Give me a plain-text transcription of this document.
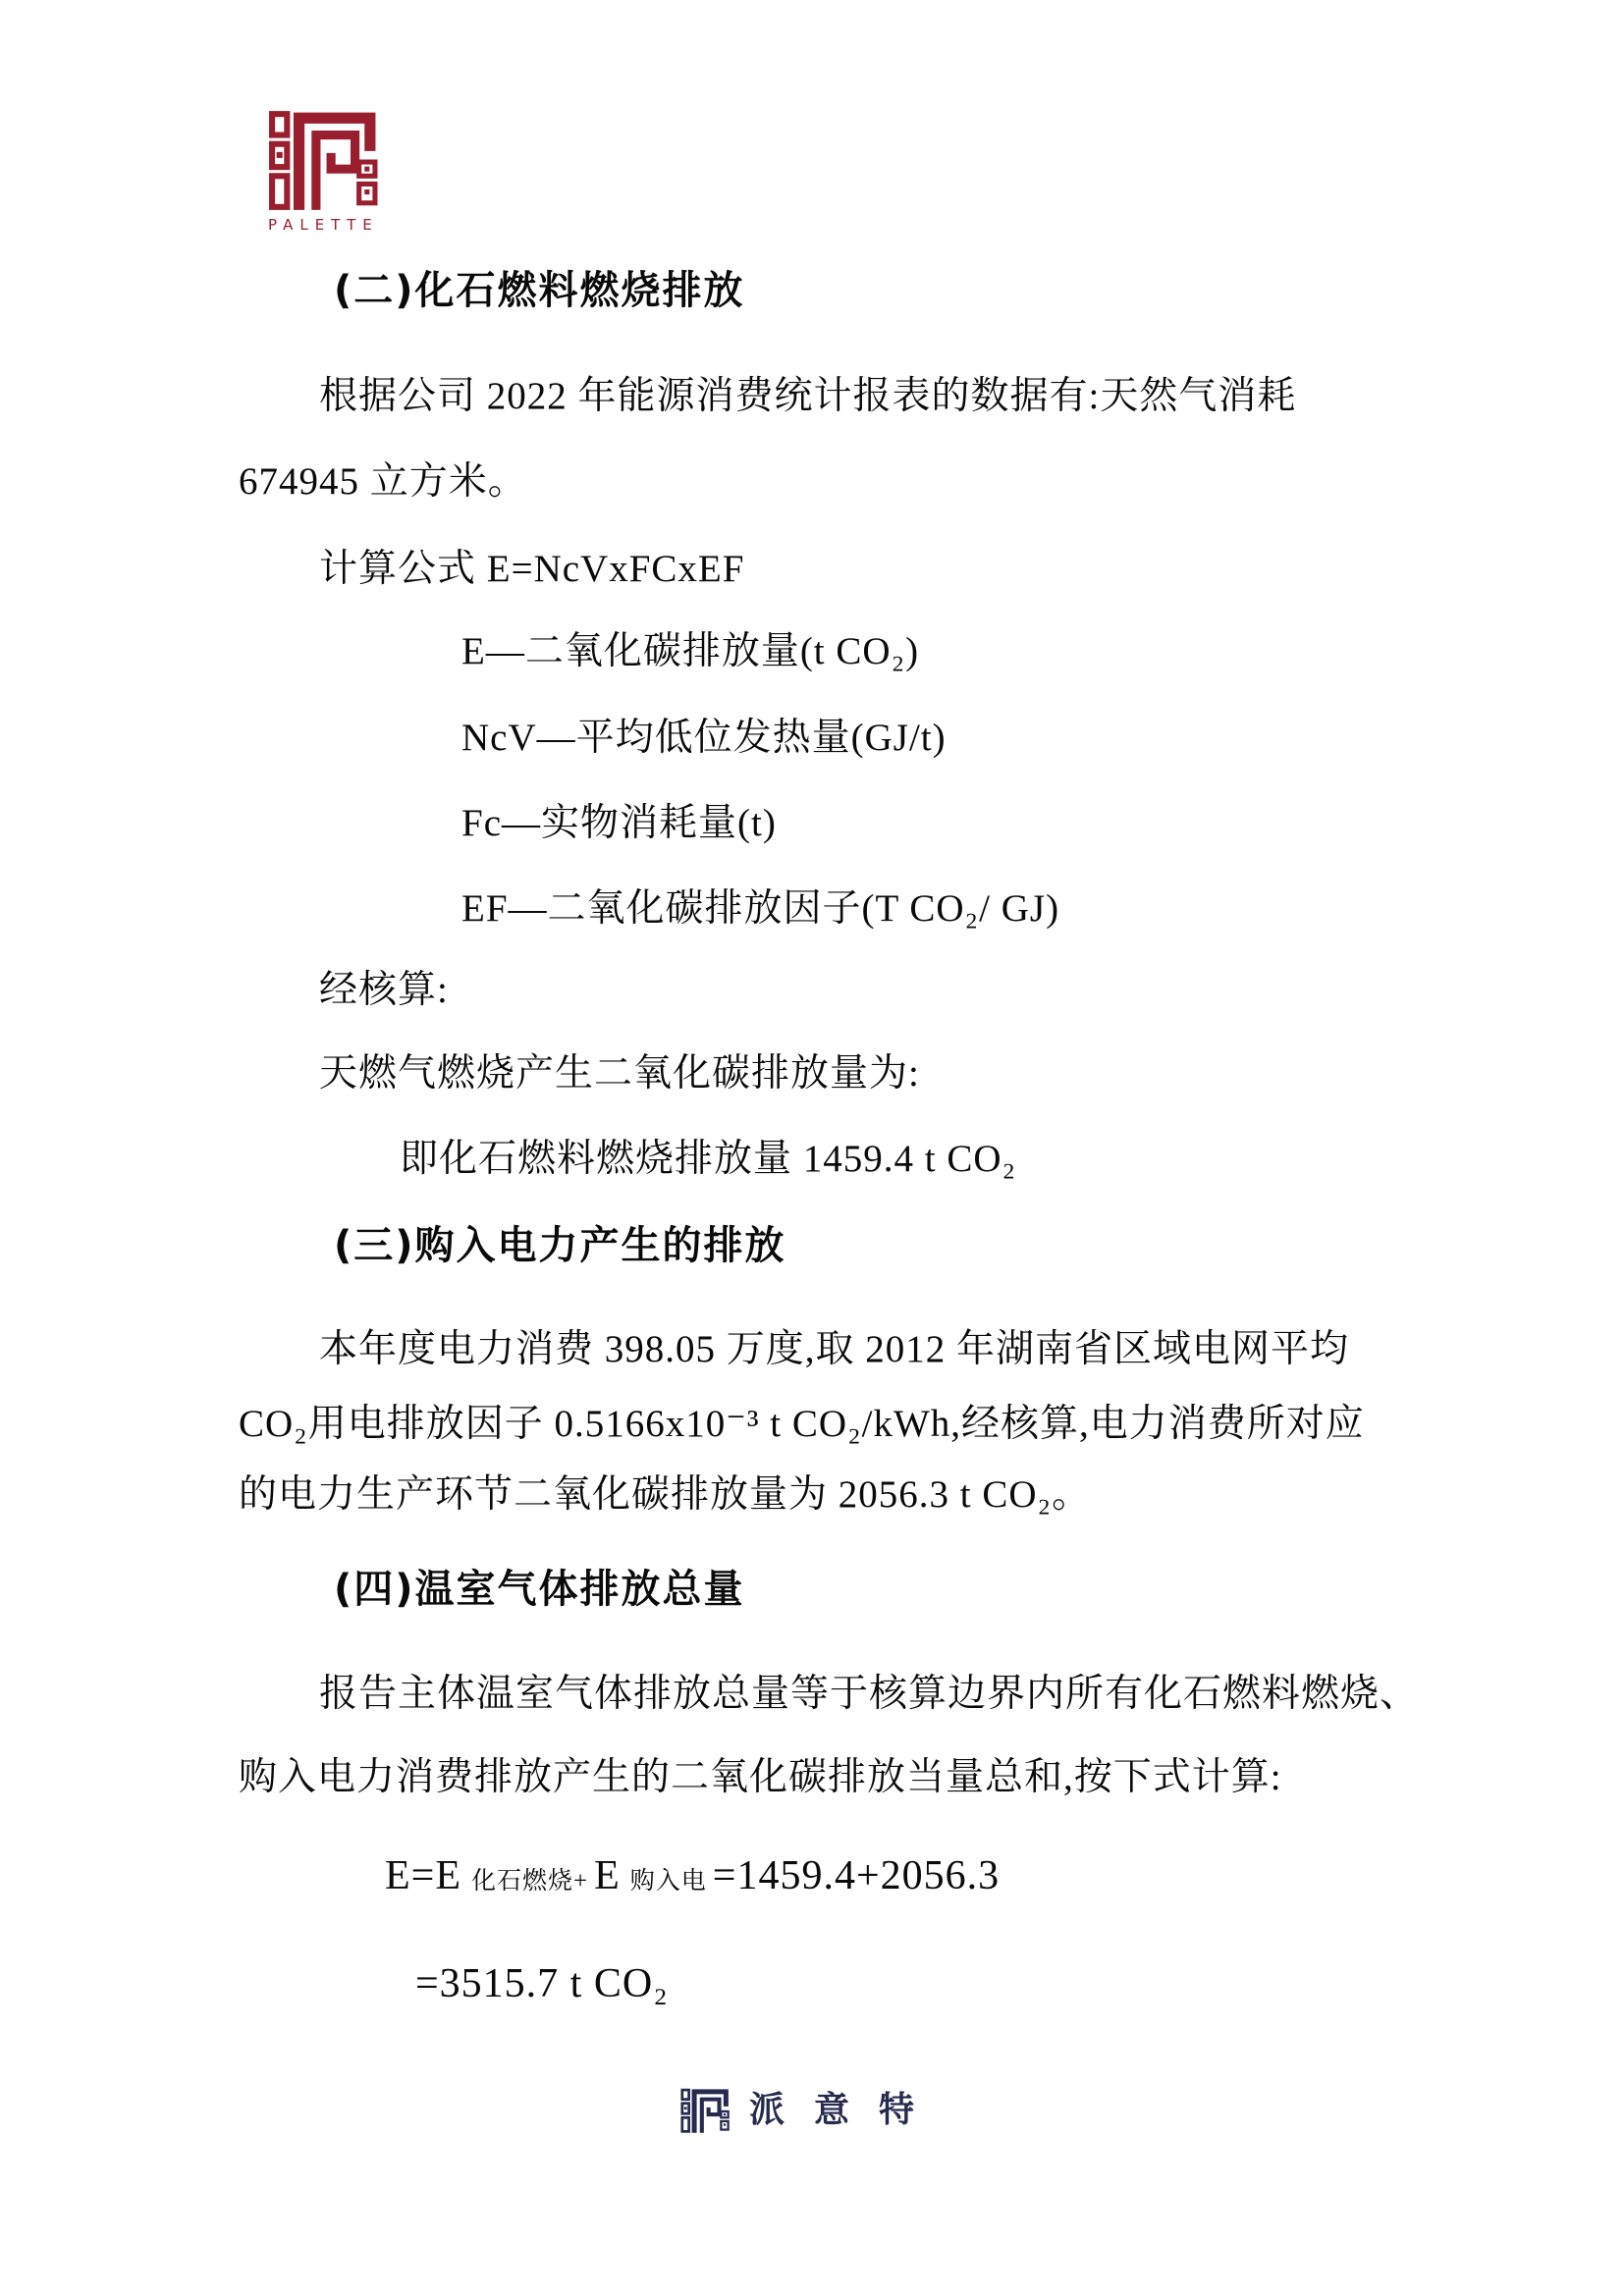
PALETTE
(二)化石燃料燃烧排放
根据公司 2022 年能源消费统计报表的数据有:天然气消耗
674945 立方米。
计算公式 E=NcVxFCxEF
E—二氧化碳排放量(t CO₂)
NcV—平均低位发热量(GJ/t)
Fc—实物消耗量(t)
EF—二氧化碳排放因子(T CO₂/ GJ)
经核算:
天燃气燃烧产生二氧化碳排放量为:
即化石燃料燃烧排放量 1459.4 t CO₂
(三)购入电力产生的排放
本年度电力消费 398.05 万度,取 2012 年湖南省区域电网平均
CO₂用电排放因子 0.5166x10⁻³ t CO₂/kWh,经核算,电力消费所对应
的电力生产环节二氧化碳排放量为 2056.3 t CO₂。
(四)温室气体排放总量
报告主体温室气体排放总量等于核算边界内所有化石燃料燃烧、
购入电力消费排放产生的二氧化碳排放当量总和,按下式计算:
E=E 化石燃烧+ E 购入电 =1459.4+2056.3
=3515.7 t CO₂
派意特
